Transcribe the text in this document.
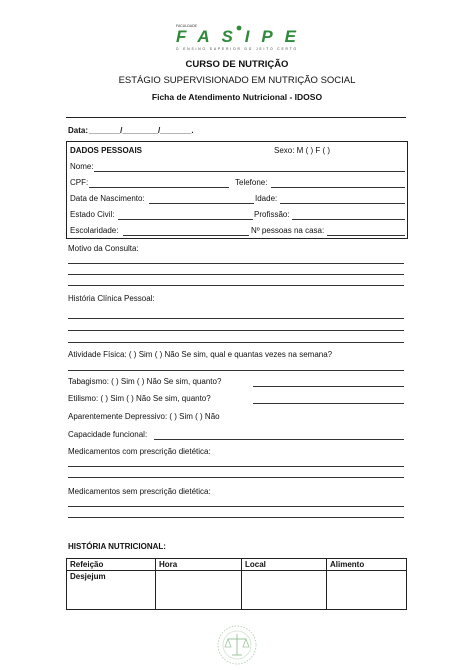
FACULDADE
FASIPE
O ENSINO SUPERIOR DO JEITO CERTO
CURSO DE NUTRIÇÃO
ESTÁGIO SUPERVISIONADO EM NUTRIÇÃO SOCIAL
Ficha de Atendimento Nutricional - IDOSO
Data: _______/________/_______.
DADOS PESSOAIS	Sexo: M ( ) F ( )
Nome:
CPF:	Telefone:
Data de Nascimento:	Idade:
Estado Civil:	Profissão:
Escolaridade:	Nº pessoas na casa:
Motivo da Consulta:
História Clínica Pessoal:
Atividade Física: ( ) Sim ( ) Não Se sim, qual e quantas vezes na semana?
Tabagismo: ( ) Sim ( ) Não Se sim, quanto?
Etilismo: ( ) Sim ( ) Não Se sim, quanto?
Aparentemente Depressivo: ( ) Sim ( ) Não
Capacidade funcional:
Medicamentos com prescrição dietética:
Medicamentos sem prescrição dietética:
HISTÓRIA NUTRICIONAL:
Refeição	Hora	Local	Alimento
Desjejum			
